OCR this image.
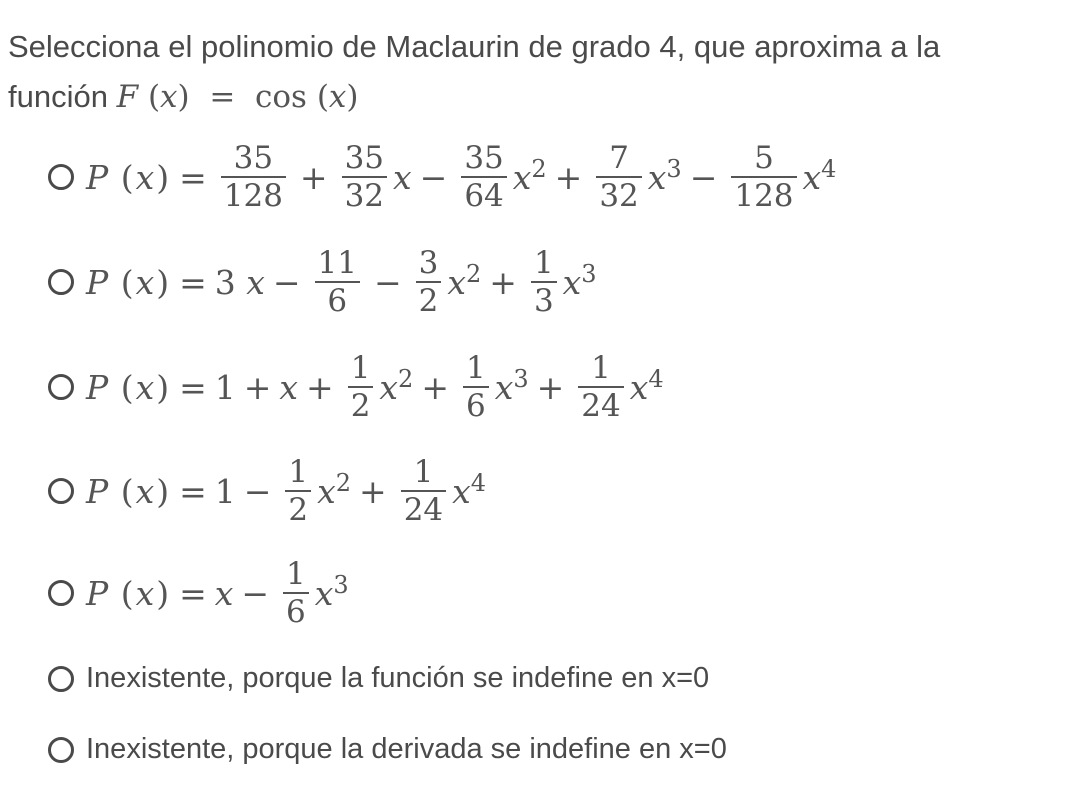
Selecciona el polinomio de Maclaurin de grado 4, que aproxima a la
función F (x)  =  cos (x)
P ( x ) = $\frac{35}{128} + \frac{35}{32}$ $x - \frac{35}{64} x^2 + \frac{7}{32} x^3 - \frac{5}{128} x^4$
P ( x ) = 3
$x - \frac{11}{6} - \frac{3}{2} x^2 + \frac{1}{3} x^3$
P ( x ) = $1 + x + \frac{1}{2} x^2 + \frac{1}{6} x^3 + \frac{1}{24} x^4$
P ( x ) = $1 - \frac{1}{2} x^2 + \frac{1}{24} x^4$
P ( x ) = $x - \frac{1}{6} x^3$
Inexistente, porque la función se indefine en x=0
Inexistente, porque la derivada se indefine en x=0
